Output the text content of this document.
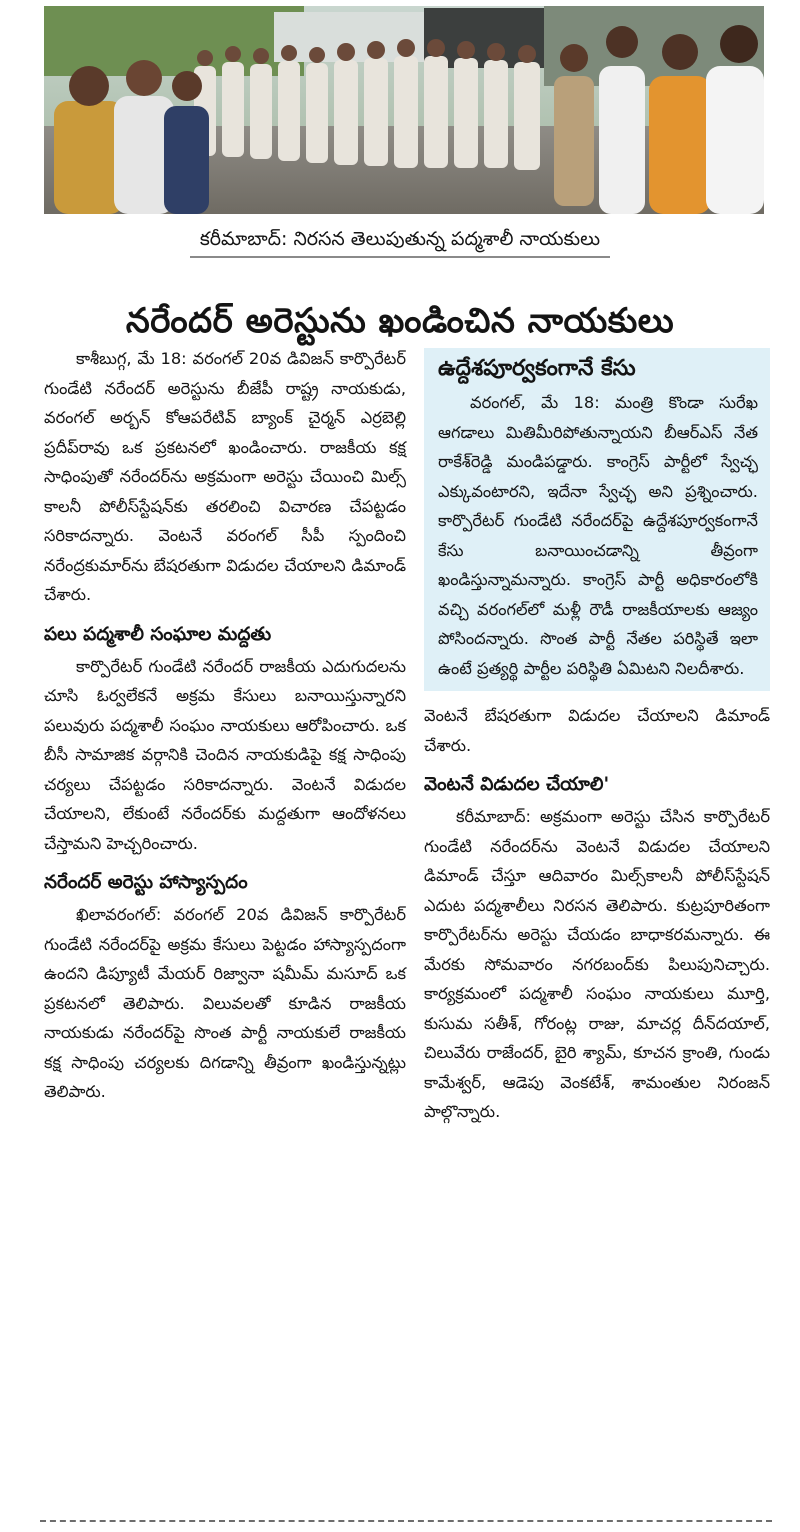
కరీమాబాద్‌: నిరసన తెలుపుతున్న పద్మశాలీ నాయకులు
నరేందర్‌ అరెస్టును ఖండించిన నాయకులు

కాశీబుగ్గ, మే 18: వరంగల్‌ 20వ డివిజన్‌ కార్పొరేటర్‌ గుండేటి నరేందర్‌ అరెస్టును బీజేపీ రాష్ట్ర నాయకుడు, వరంగల్‌ అర్బన్‌ కోఆపరేటివ్‌ బ్యాంక్‌ చైర్మన్‌ ఎర్రబెల్లి ప్రదీప్‌రావు ఒక ప్రకటనలో ఖండించారు. రాజకీయ కక్ష సాధింపుతో నరేందర్‌ను అక్రమంగా అరెస్టు చేయించి మిల్స్‌ కాలనీ పోలీస్‌స్టేషన్‌కు తరలించి విచారణ చేపట్టడం సరికాదన్నారు. వెంటనే వరంగల్‌ సీపీ స్పందించి నరేంద్రకుమార్‌ను బేషరతుగా విడుదల చేయాలని డిమాండ్‌ చేశారు.

పలు పద్మశాలీ సంఘాల మద్దతు

కార్పొరేటర్‌ గుండేటి నరేందర్‌ రాజకీయ ఎదుగుదలను చూసి ఓర్వలేకనే అక్రమ కేసులు బనాయిస్తున్నారని పలువురు పద్మశాలీ సంఘం నాయకులు ఆరోపించారు. ఒక బీసీ సామాజిక వర్గానికి చెందిన నాయకుడిపై కక్ష సాధింపు చర్యలు చేపట్టడం సరికాదన్నారు. వెంటనే విడుదల చేయాలని, లేకుంటే నరేందర్‌కు మద్దతుగా ఆందోళనలు చేస్తామని హెచ్చరించారు.

నరేందర్‌ అరెస్టు హాస్యాస్పదం

ఖిలావరంగల్‌: వరంగల్‌ 20వ డివిజన్‌ కార్పొరేటర్‌ గుండేటి నరేందర్‌పై అక్రమ కేసులు పెట్టడం హాస్యాస్పదంగా ఉందని డిప్యూటీ మేయర్‌ రిజ్వానా షమీమ్‌ మసూద్‌ ఒక ప్రకటనలో తెలిపారు. విలువలతో కూడిన రాజకీయ నాయకుడు నరేందర్‌పై సొంత పార్టీ నాయకులే రాజకీయ కక్ష సాధింపు చర్యలకు దిగడాన్ని తీవ్రంగా ఖండిస్తున్నట్లు తెలిపారు.

ఉద్దేశపూర్వకంగానే కేసు

వరంగల్‌, మే 18: మంత్రి కొండా సురేఖ ఆగడాలు మితిమీరిపోతున్నాయని బీఆర్‌ఎస్‌ నేత రాకేశ్‌రెడ్డి మండిపడ్డారు. కాంగ్రెస్‌ పార్టీలో స్వేచ్ఛ ఎక్కువంటారని, ఇదేనా స్వేచ్ఛ అని ప్రశ్నించారు. కార్పొరేటర్‌ గుండేటి నరేందర్‌పై ఉద్దేశపూర్వకంగానే కేసు బనాయించడాన్ని తీవ్రంగా ఖండిస్తున్నామన్నారు. కాంగ్రెస్‌ పార్టీ అధికారంలోకి వచ్చి వరంగల్‌లో మళ్లీ రౌడీ రాజకీయాలకు ఆజ్యం పోసిందన్నారు. సొంత పార్టీ నేతల పరిస్థితే ఇలా ఉంటే ప్రత్యర్థి పార్టీల పరిస్థితి ఏమిటని నిలదీశారు.

వెంటనే బేషరతుగా విడుదల చేయాలని డిమాండ్‌ చేశారు.

వెంటనే విడుదల చేయాలి'

కరీమాబాద్‌: అక్రమంగా అరెస్టు చేసిన కార్పొరేటర్‌ గుండేటి నరేందర్‌ను వెంటనే విడుదల చేయాలని డిమాండ్‌ చేస్తూ ఆదివారం మిల్స్‌కాలనీ పోలీస్‌స్టేషన్‌ ఎదుట పద్మశాలీలు నిరసన తెలిపారు. కుట్రపూరితంగా కార్పొరేటర్‌ను అరెస్టు చేయడం బాధాకరమన్నారు. ఈ మేరకు సోమవారం నగరబంద్‌కు పిలుపునిచ్చారు. కార్యక్రమంలో పద్మశాలీ సంఘం నాయకులు మూర్తి, కుసుమ సతీశ్‌, గోరంట్ల రాజు, మాచర్ల దీన్‌దయాల్‌, చిలువేరు రాజేందర్‌, బైరి శ్యామ్‌, కూచన క్రాంతి, గుండు కామేశ్వర్‌, ఆడెపు వెంకటేశ్‌, శామంతుల నిరంజన్‌ పాల్గొన్నారు.
